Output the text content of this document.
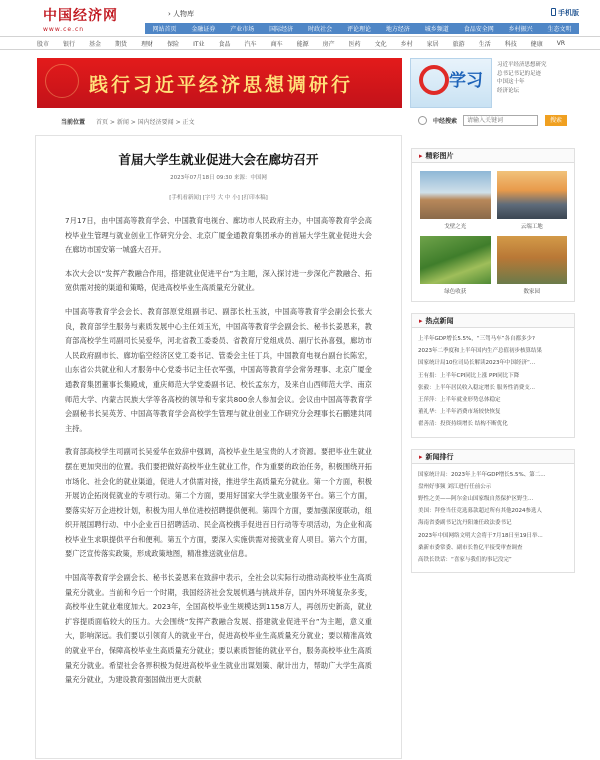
中国经济网
www.ce.cn
› 人物库	手机版
网站首页 金融证券 产业市场 国际经济 时政社会 评论理论 地方经济 城乡频道 食品安全网 乡村振兴 生态文明
股市 银行 基金 期货 理财 保险 IT业 食品 汽车 商车 能源 房产 医药 文化 乡村 家居 旅游 生活 科技 健康 VR
践行习近平经济思想调研行	学习
习近平经济思想研究
总书记书记的足迹
中国这十年
经济论坛
当前位置 首页 > 新闻 > 国内经济要闻 > 正文	中经搜索
请输入关键词	搜索
首届大学生就业促进大会在廊坊召开
2023年07月18日 09:30 来源：中国网
[手机看新闻] [字号 大 中 小] [打印本稿]

7月17日，由中国高等教育学会、中国教育电视台、廊坊市人民政府主办，中国高等教育学会高校毕业生管理与就业创业工作研究分会、北京广厦金通教育集团承办的首届大学生就业促进大会在廊坊市国安第一城盛大召开。

本次大会以“发挥产教融合作用，搭建就业促进平台”为主题，深入探讨进一步深化产教融合、拓宽供需对接的渠道和策略，促进高校毕业生高质量充分就业。

中国高等教育学会会长、教育部原党组副书记、副部长杜玉波，中国高等教育学会副会长张大良，教育部学生服务与素质发展中心主任刘玉光，中国高等教育学会副会长、秘书长姜恩来，教育部高校学生司副司长吴爱华，河北省教工委委员、省教育厅党组成员、副厅长孙喜强，廊坊市人民政府副市长、廊坊临空经济区党工委书记、管委会主任丁兵，中国教育电视台副台长陈宏，山东省公共就业和人才服务中心党委书记主任衣军强，中国高等教育学会常务理事、北京广厦金通教育集团董事长集殿成，重庆师范大学党委副书记、校长孟东方，及来自山西师范大学、南京师范大学、内蒙古民族大学等各高校的领导和专家共800余人参加会议。会议由中国高等教育学会副秘书长吴英芳、中国高等教育学会高校学生管理与就业创业工作研究分会理事长石鹏建共同主持。

教育部高校学生司副司长吴爱华在致辞中强调，高校毕业生是宝贵的人才资源。要把毕业生就业摆在更加突出的位置。我们要把做好高校毕业生就业工作，作为重要的政治任务，积极围绕开拓市场化、社会化的就业渠道，促进人才供需对接，推进学生高质量充分就业。第一个方面，积极开展访企拓岗促就业的专项行动。第二个方面，要用好国家大学生就业服务平台。第三个方面，要落实好万企进校计划，积极为用人单位进校招聘提供便利。第四个方面，要加强深度联动，组织开展国聘行动、中小企业百日招聘活动、民企高校携手促进百日行动等专项活动，为企业和高校毕业生求职提供平台和便利。第五个方面，要深入实施供需对接就业育人项目。第六个方面，要广泛宣传落实政策，形成政策地图，精准推送就业信息。

中国高等教育学会副会长、秘书长姜恩来在致辞中表示，全社会以实际行动推动高校毕业生高质量充分就业。当前和今后一个时期，我国经济社会发展机遇与挑战并存，国内外环境复杂多变，高校毕业生就业难度加大。2023年，全国高校毕业生规模达到1158万人，再创历史新高，就业扩容提质面临较大的压力。大会围绕“发挥产教融合发展、搭建就业促进平台”为主题，意义重大，影响深远。我们要以引领育人的就业平台，促进高校毕业生高质量充分就业；要以精准高效的就业平台，保障高校毕业生高质量充分就业；要以素质智能的就业平台，服务高校毕业生高质量充分就业。希望社会各界积极为促进高校毕业生就业出谋划策、献计出力，帮助广大学生高质量充分就业，为建设教育强国做出更大贡献

▸ 精彩图片
戈壁之光	云端工地
绿色收获	数家园
▸ 热点新闻
上半年GDP增长5.5%，“三驾马车”各自都多少?
2023年二季度和上半年国内生产总值初步核算结果
国家统计局10位司局长解读2023年中国经济“...
王有捐：上半年CPI同比上涨 PPI同比下降
张毅：上半年居民收入稳定增长 服务性消费支...
王萍萍：上半年就业形势总体稳定
董礼华：上半年消费市场较快恢复
翟善清：投资持续增长 结构不断优化
▸ 新闻排行
国家统计局：2023年上半年GDP增长5.5%、第二...
盘州好事频 刘江进行任前公示
野性之美——阿尔金山国家级自然保护区野生...
美国：拜登当任竞选募款超过所有其他2024参选人
海南省委副书记沈丹阳兼任政法委书记
2023年中国网络文明大会将于7月18日至19日举...
桑新市委常委、副市长鲁亿平接受审查调查
高铁长铁话：“喜家与我们的事记没完”
